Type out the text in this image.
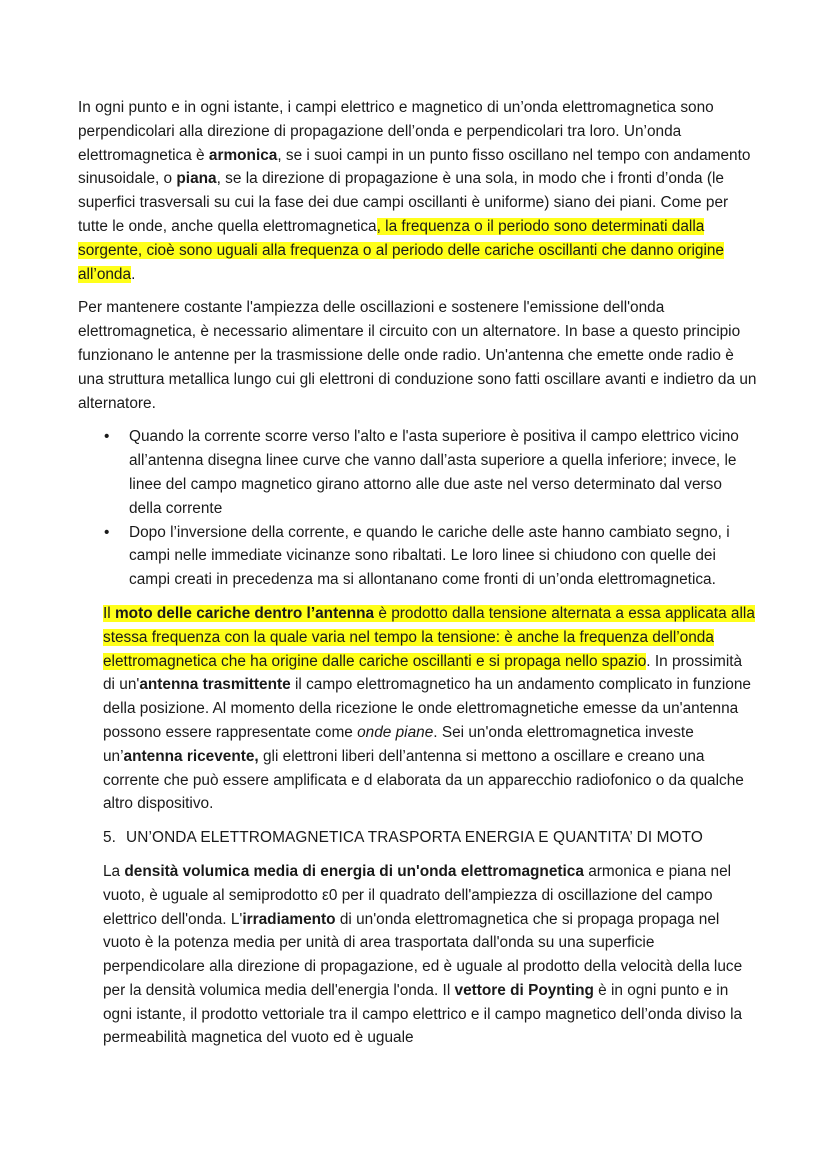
In ogni punto e in ogni istante, i campi elettrico e magnetico di un’onda elettromagnetica sono perpendicolari alla direzione di propagazione dell’onda e perpendicolari tra loro. Un’onda elettromagnetica è armonica, se i suoi campi in un punto fisso oscillano nel tempo con andamento sinusoidale, o piana, se la direzione di propagazione è una sola, in modo che i fronti d’onda (le superfici trasversali su cui la fase dei due campi oscillanti è uniforme) siano dei piani. Come per tutte le onde, anche quella elettromagnetica, la frequenza o il periodo sono determinati dalla sorgente, cioè sono uguali alla frequenza o al periodo delle cariche oscillanti che danno origine all’onda.

Per mantenere costante l'ampiezza delle oscillazioni e sostenere l'emissione dell'onda elettromagnetica, è necessario alimentare il circuito con un alternatore. In base a questo principio funzionano le antenne per la trasmissione delle onde radio. Un'antenna che emette onde radio è una struttura metallica lungo cui gli elettroni di conduzione sono fatti oscillare avanti e indietro da un alternatore.

• Quando la corrente scorre verso l'alto e l'asta superiore è positiva il campo elettrico vicino all’antenna disegna linee curve che vanno dall’asta superiore a quella inferiore; invece, le linee del campo magnetico girano attorno alle due aste nel verso determinato dal verso della corrente
• Dopo l’inversione della corrente, e quando le cariche delle aste hanno cambiato segno, i campi nelle immediate vicinanze sono ribaltati. Le loro linee si chiudono con quelle dei campi creati in precedenza ma si allontanano come fronti di un’onda elettromagnetica.

Il moto delle cariche dentro l’antenna è prodotto dalla tensione alternata a essa applicata alla stessa frequenza con la quale varia nel tempo la tensione: è anche la frequenza dell’onda elettromagnetica che ha origine dalle cariche oscillanti e si propaga nello spazio. In prossimità di un'antenna trasmittente il campo elettromagnetico ha un andamento complicato in funzione della posizione. Al momento della ricezione le onde elettromagnetiche emesse da un'antenna possono essere rappresentate come onde piane. Sei un'onda elettromagnetica investe un’antenna ricevente, gli elettroni liberi dell’antenna si mettono a oscillare e creano una corrente che può essere amplificata e d elaborata da un apparecchio radiofonico o da qualche altro dispositivo.

5. UN’ONDA ELETTROMAGNETICA TRASPORTA ENERGIA E QUANTITA’ DI MOTO

La densità volumica media di energia di un'onda elettromagnetica armonica e piana nel vuoto, è uguale al semiprodotto ε0 per il quadrato dell'ampiezza di oscillazione del campo elettrico dell'onda. L'irradiamento di un'onda elettromagnetica che si propaga propaga nel vuoto è la potenza media per unità di area trasportata dall'onda su una superficie perpendicolare alla direzione di propagazione, ed è uguale al prodotto della velocità della luce per la densità volumica media dell'energia l'onda. Il vettore di Poynting è in ogni punto e in ogni istante, il prodotto vettoriale tra il campo elettrico e il campo magnetico dell’onda diviso la permeabilità magnetica del vuoto ed è uguale
